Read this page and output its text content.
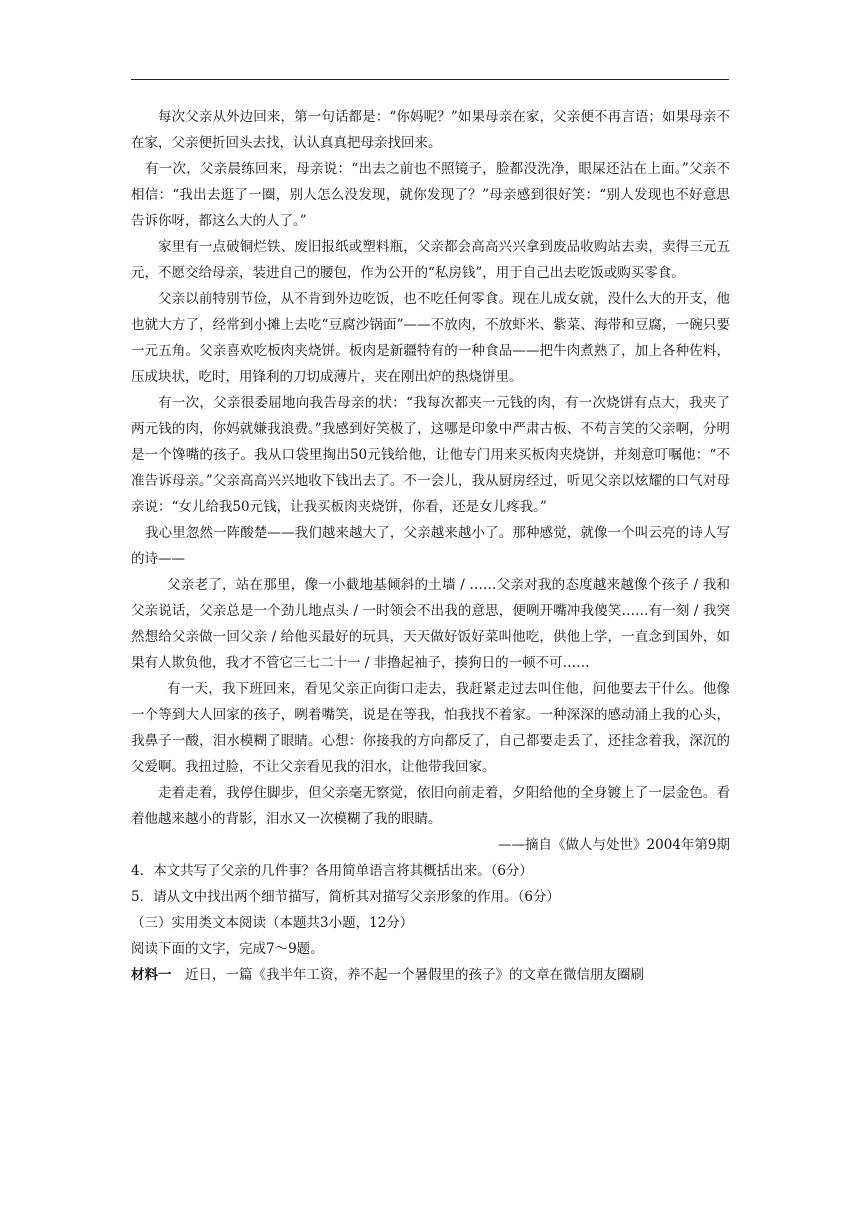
每次父亲从外边回来，第一句话都是：“你妈呢？”如果母亲在家，父亲便不再言语；如果母亲不在家，父亲便折回头去找，认认真真把母亲找回来。

有一次，父亲晨练回来，母亲说：“出去之前也不照镜子，脸都没洗净，眼屎还沾在上面。”父亲不相信：“我出去逛了一圈，别人怎么没发现，就你发现了？”母亲感到很好笑：“别人发现也不好意思告诉你呀，都这么大的人了。”

家里有一点破铜烂铁、废旧报纸或塑料瓶，父亲都会高高兴兴拿到废品收购站去卖，卖得三元五元，不愿交给母亲，装进自己的腰包，作为公开的“私房钱”，用于自己出去吃饭或购买零食。

父亲以前特别节俭，从不肯到外边吃饭，也不吃任何零食。现在儿成女就，没什么大的开支，他也就大方了，经常到小摊上去吃“豆腐沙锅面”——不放肉，不放虾米、紫菜、海带和豆腐，一碗只要一元五角。父亲喜欢吃板肉夹烧饼。板肉是新疆特有的一种食品——把牛肉煮熟了，加上各种佐料，压成块状，吃时，用锋利的刀切成薄片，夹在刚出炉的热烧饼里。

有一次，父亲很委屈地向我告母亲的状：“我每次都夹一元钱的肉，有一次烧饼有点大，我夹了两元钱的肉，你妈就嫌我浪费。”我感到好笑极了，这哪是印象中严肃古板、不苟言笑的父亲啊，分明是一个馋嘴的孩子。我从口袋里掏出50元钱给他，让他专门用来买板肉夹烧饼，并刻意叮嘱他：“不准告诉母亲。”父亲高高兴兴地收下钱出去了。不一会儿，我从厨房经过，听见父亲以炫耀的口气对母亲说：“女儿给我50元钱，让我买板肉夹烧饼，你看，还是女儿疼我。”

我心里忽然一阵酸楚——我们越来越大了，父亲越来越小了。那种感觉，就像一个叫云亮的诗人写的诗——

父亲老了，站在那里，像一小截地基倾斜的土墙 / ……父亲对我的态度越来越像个孩子 / 我和父亲说话，父亲总是一个劲儿地点头 / 一时领会不出我的意思，便咧开嘴冲我傻笑……有一刻 / 我突然想给父亲做一回父亲 / 给他买最好的玩具，天天做好饭好菜叫他吃，供他上学，一直念到国外，如果有人欺负他，我才不管它三七二十一 / 非撸起袖子，揍狗日的一顿不可……

有一天，我下班回来，看见父亲正向街口走去，我赶紧走过去叫住他，问他要去干什么。他像一个等到大人回家的孩子，咧着嘴笑，说是在等我，怕我找不着家。一种深深的感动涌上我的心头，我鼻子一酸，泪水模糊了眼睛。心想：你接我的方向都反了，自己都要走丢了，还挂念着我，深沉的父爱啊。我扭过脸，不让父亲看见我的泪水，让他带我回家。

走着走着，我停住脚步，但父亲毫无察觉，依旧向前走着，夕阳给他的全身镀上了一层金色。看着他越来越小的背影，泪水又一次模糊了我的眼睛。

——摘自《做人与处世》2004年第9期

4．本文共写了父亲的几件事？各用简单语言将其概括出来。（6分）

5．请从文中找出两个细节描写，简析其对描写父亲形象的作用。（6分）

（三）实用类文本阅读（本题共3小题，12分）

阅读下面的文字，完成7～9题。

材料一　 近日，一篇《我半年工资，养不起一个暑假里的孩子》的文章在微信朋友圈刷
